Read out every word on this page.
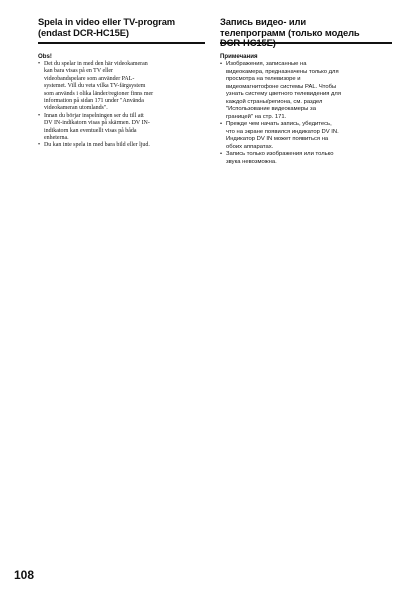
Spela in video eller TV-program
(endast DCR-HC15E)
Obs!
• Det du spelar in med den här videokameran
kan bara visas på en TV eller
videobandspelare som använder PAL-
systemet. Vill du veta vilka TV-färgsystem
som används i olika länder/regioner finns mer
information på sidan 171 under "Använda
videokameran utomlands".
• Innan du börjar inspelningen ser du till att
DV IN-indikatorn visas på skärmen. DV IN-
indikatorn kan eventuellt visas på båda
enheterna.
• Du kan inte spela in med bara bild eller ljud.
Запись видео- или
телепрограмм (только модель
DCR-HC15E)
Примечания
• Изображения, записанные на
видеокамера, предназначены только для
просмотра на телевизоре и
видеомагнитофоне системы PAL. Чтобы
узнать систему цветного телевидения для
каждой страны/региона, см. раздел
"Использование видеокамеры за
границей" на стр. 171.
• Прежде чем начать запись, убедитесь,
что на экране появился индикатор DV IN.
Индикатор DV IN может появиться на
обоих аппаратах.
• Запись только изображения или только
звука невозможна.
108
